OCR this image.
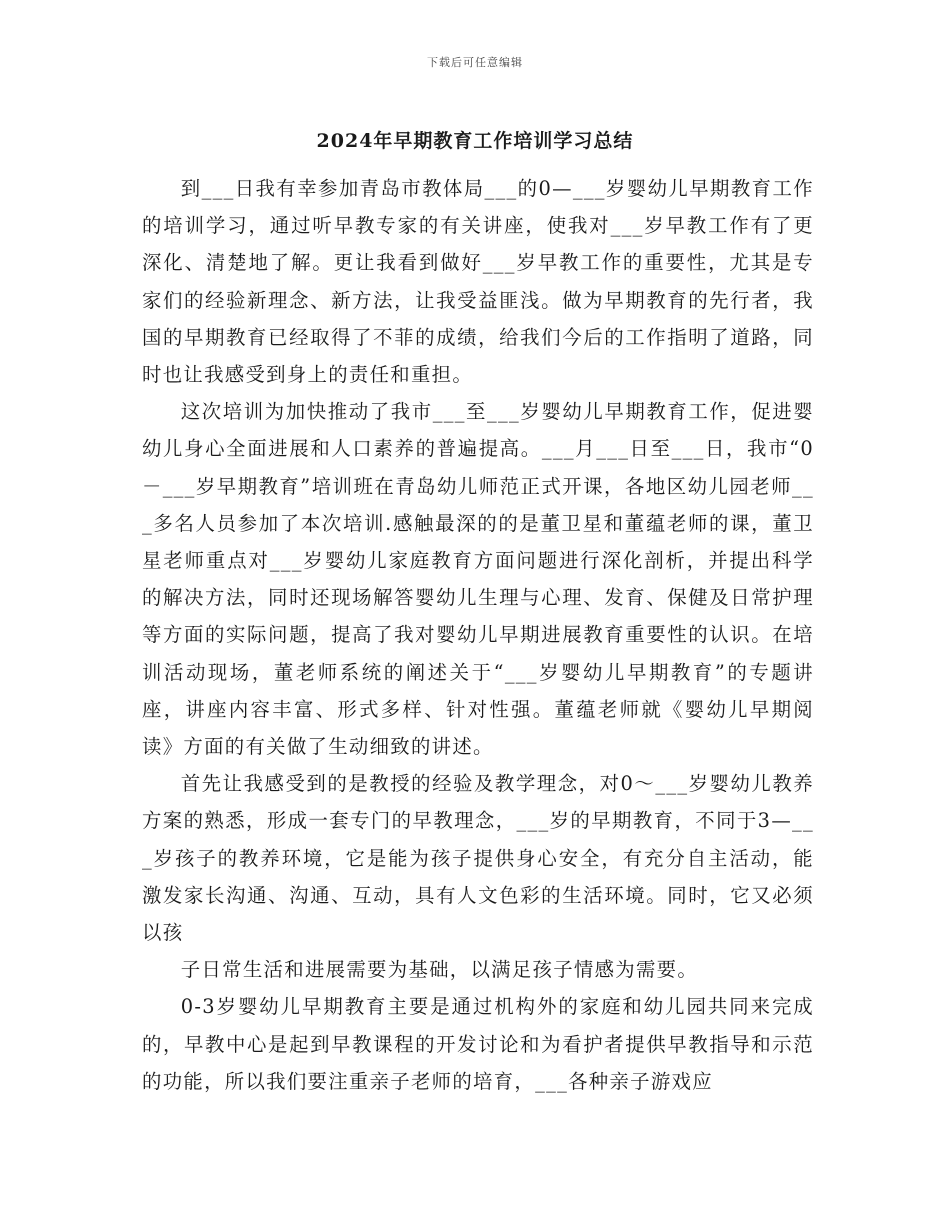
下载后可任意编辑
2024年早期教育工作培训学习总结

到___日我有幸参加青岛市教体局___的0—___岁婴幼儿早期教育工作的培训学习，通过听早教专家的有关讲座，使我对___岁早教工作有了更深化、清楚地了解。更让我看到做好___岁早教工作的重要性，尤其是专家们的经验新理念、新方法，让我受益匪浅。做为早期教育的先行者，我国的早期教育已经取得了不菲的成绩，给我们今后的工作指明了道路，同时也让我感受到身上的责任和重担。

这次培训为加快推动了我市___至___岁婴幼儿早期教育工作，促进婴幼儿身心全面进展和人口素养的普遍提高。___月___日至___日，我市“0－___岁早期教育”培训班在青岛幼儿师范正式开课，各地区幼儿园老师___多名人员参加了本次培训.感触最深的的是董卫星和董蕴老师的课，董卫星老师重点对___岁婴幼儿家庭教育方面问题进行深化剖析，并提出科学的解决方法，同时还现场解答婴幼儿生理与心理、发育、保健及日常护理等方面的实际问题，提高了我对婴幼儿早期进展教育重要性的认识。在培训活动现场，董老师系统的阐述关于“___岁婴幼儿早期教育”的专题讲座，讲座内容丰富、形式多样、针对性强。董蕴老师就《婴幼儿早期阅读》方面的有关做了生动细致的讲述。

首先让我感受到的是教授的经验及教学理念，对0～___岁婴幼儿教养方案的熟悉，形成一套专门的早教理念，___岁的早期教育，不同于3—___岁孩子的教养环境，它是能为孩子提供身心安全，有充分自主活动，能激发家长沟通、沟通、互动，具有人文色彩的生活环境。同时，它又必须以孩

子日常生活和进展需要为基础，以满足孩子情感为需要。

0-3岁婴幼儿早期教育主要是通过机构外的家庭和幼儿园共同来完成的，早教中心是起到早教课程的开发讨论和为看护者提供早教指导和示范的功能，所以我们要注重亲子老师的培育，___各种亲子游戏应
